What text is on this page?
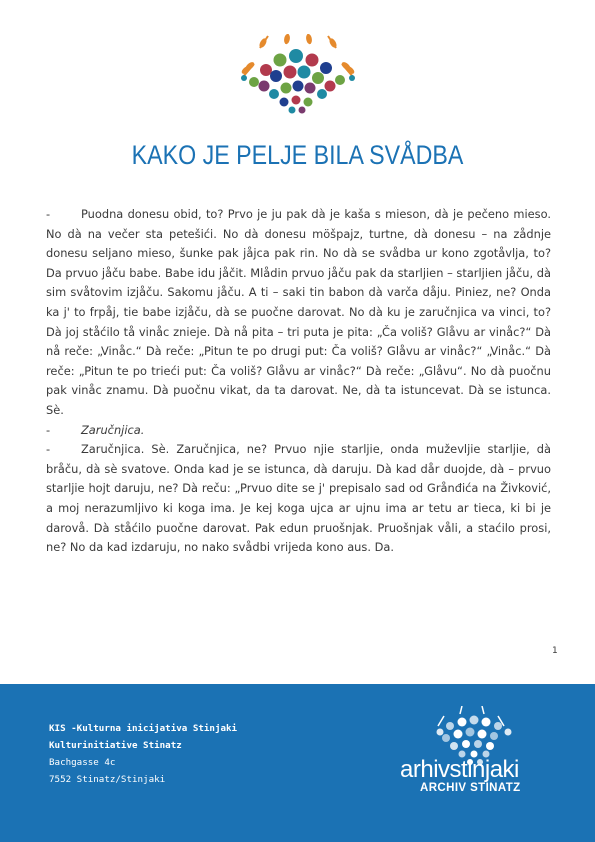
KAKO JE PELJE BILA SVÅDBA

-	Puodna donesu obid, to? Prvo je ju pak dà je kaša s mieson, dà je pečeno mieso. No dà na večer sta petešići. No dà donesu möšpajz, turtne, dà donesu – na zådnje donesu seljano mieso, šunke pak jåjca pak rin. No dà se svådba ur kono zgotåvlja, to? Da prvuo jåču babe. Babe idu jåčit. Mlådin prvuo jåču pak da starljien – starljien jåču, dà sim svåtovim izjåču. Sakomu jåču. A ti – saki tin babon dà varča dåju. Piniez, ne? Onda ka j' to frpåj, tie babe izjåču, dà se puočne darovat. No dà ku je zaručnjica va vinci, to? Dà joj ståćilo tå vinåc znieje. Dà nå pita – tri puta je pita: „Ča voliš? Glåvu ar vinåc?“ Dà nå reče: „Vinåc.“ Dà reče: „Pitun te po drugi put: Ča voliš? Glåvu ar vinåc?“ „Vinåc.“ Dà reče: „Pitun te po trieći put: Ča voliš? Glåvu ar vinåc?“ Dà reče: „Glåvu“. No dà puočnu pak vinåc znamu. Dà puočnu vikat, da ta darovat. Ne, dà ta istuncevat. Dà se istunca. Sè.

-	Zaručnjica.

-	Zaručnjica. Sè. Zaručnjica, ne? Prvuo njie starljie, onda muževljie starljie, dà bråču, dà sè svatove. Onda kad je se istunca, dà daruju. Dà kad dår duojde, dà – prvuo starljie hojt daruju, ne? Dà reču: „Prvuo dite se j' prepisalo sad od Grånđića na Živković, a moj nerazumljivo ki koga ima. Je kej koga ujca ar ujnu ima ar tetu ar tieca, ki bi je darovå. Dà ståćilo puočne darovat. Pak edun pruošnjak. Pruošnjak våli, a staćilo prosi, ne? No da kad izdaruju, no nako svådbi vrijeda kono aus. Da.

1
KIS -Kulturna inicijativa Stinjaki
Kulturinitiative Stinatz
Bachgasse 4c
7552 Stinatz/Stinjaki	arhivstinjaki
ARCHIV STINATZ
